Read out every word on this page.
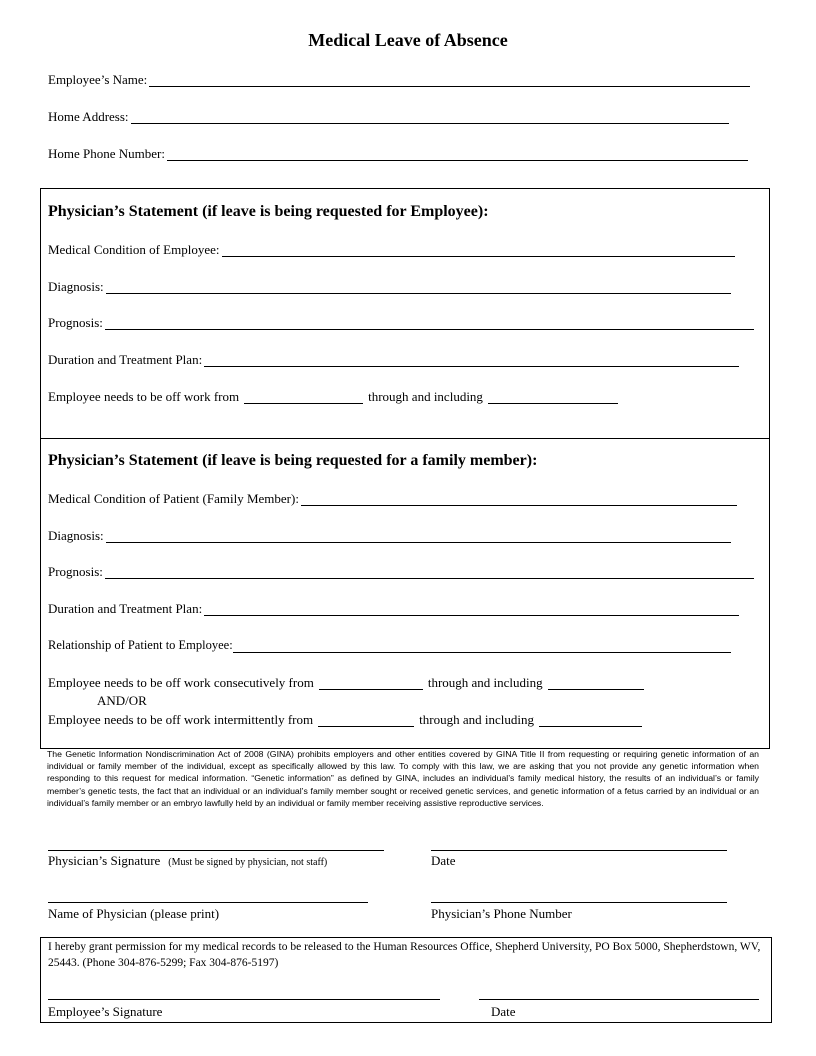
Medical Leave of Absence
Employee’s Name:
Home Address:
Home Phone Number:
Physician’s Statement (if leave is being requested for Employee):
Medical Condition of Employee:
Diagnosis:
Prognosis:
Duration and Treatment Plan:
Employee needs to be off work from	through and including
Physician’s Statement (if leave is being requested for a family member):
Medical Condition of Patient (Family Member):
Diagnosis:
Prognosis:
Duration and Treatment Plan:
Relationship of Patient to Employee:
Employee needs to be off work consecutively from	through and including
AND/OR
Employee needs to be off work intermittently from	through and including
The Genetic Information Nondiscrimination Act of 2008 (GINA) prohibits employers and other entities covered by GINA Title II from requesting or requiring genetic information of an individual or family member of the individual, except as specifically allowed by this law. To comply with this law, we are asking that you not provide any genetic information when responding to this request for medical information. “Genetic information” as defined by GINA, includes an individual’s family medical history, the results of an individual’s or family member’s genetic tests, the fact that an individual or an individual’s family member sought or received genetic services, and genetic information of a fetus carried by an individual or an individual’s family member or an embryo lawfully held by an individual or family member receiving assistive reproductive services.
Physician’s Signature (Must be signed by physician, not staff)	Date
Name of Physician (please print)	Physician’s Phone Number
I hereby grant permission for my medical records to be released to the Human Resources Office, Shepherd University, PO Box 5000, Shepherdstown, WV, 25443. (Phone 304-876-5299; Fax 304-876-5197)
Employee’s Signature	Date
